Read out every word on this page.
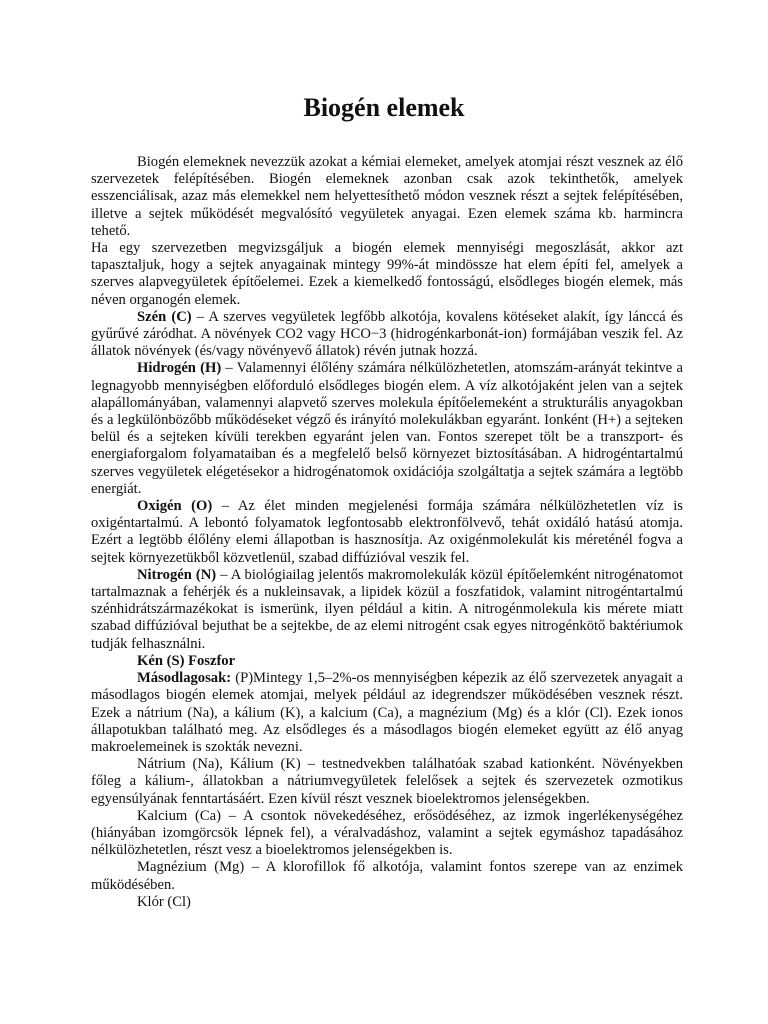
Biogén elemek

Biogén elemeknek nevezzük azokat a kémiai elemeket, amelyek atomjai részt vesznek az élő szervezetek felépítésében. Biogén elemeknek azonban csak azok tekinthetők, amelyek esszenciálisak, azaz más elemekkel nem helyettesíthető módon vesznek részt a sejtek felépítésében, illetve a sejtek működését megvalósító vegyületek anyagai. Ezen elemek száma kb. harmincra tehető.

Ha egy szervezetben megvizsgáljuk a biogén elemek mennyiségi megoszlását, akkor azt tapasztaljuk, hogy a sejtek anyagainak mintegy 99%-át mindössze hat elem építi fel, amelyek a szerves alapvegyületek építőelemei. Ezek a kiemelkedő fontosságú, elsődleges biogén elemek, más néven organogén elemek.

Szén (C) – A szerves vegyületek legfőbb alkotója, kovalens kötéseket alakít, így lánccá és gyűrűvé záródhat. A növények CO2 vagy HCO−3 (hidrogénkarbonát-ion) formájában veszik fel. Az állatok növények (és/vagy növényevő állatok) révén jutnak hozzá.

Hidrogén (H) – Valamennyi élőlény számára nélkülözhetetlen, atomszám-arányát tekintve a legnagyobb mennyiségben előforduló elsődleges biogén elem. A víz alkotójaként jelen van a sejtek alapállományában, valamennyi alapvető szerves molekula építőelemeként a strukturális anyagokban és a legkülönbözőbb működéseket végző és irányító molekulákban egyaránt. Ionként (H+) a sejteken belül és a sejteken kívüli terekben egyaránt jelen van. Fontos szerepet tölt be a transzport- és energiaforgalom folyamataiban és a megfelelő belső környezet biztosításában. A hidrogéntartalmú szerves vegyületek elégetésekor a hidrogénatomok oxidációja szolgáltatja a sejtek számára a legtöbb energiát.

Oxigén (O) – Az élet minden megjelenési formája számára nélkülözhetetlen víz is oxigéntartalmú. A lebontó folyamatok legfontosabb elektronfölvevő, tehát oxidáló hatású atomja. Ezért a legtöbb élőlény elemi állapotban is hasznosítja. Az oxigénmolekulát kis méreténél fogva a sejtek környezetükből közvetlenül, szabad diffúzióval veszik fel.

Nitrogén (N) – A biológiailag jelentős makromolekulák közül építőelemként nitrogénatomot tartalmaznak a fehérjék és a nukleinsavak, a lipidek közül a foszfatidok, valamint nitrogéntartalmú szénhidrátszármazékokat is ismerünk, ilyen például a kitin. A nitrogénmolekula kis mérete miatt szabad diffúzióval bejuthat be a sejtekbe, de az elemi nitrogént csak egyes nitrogénkötő baktériumok tudják felhasználni.

Kén (S) Foszfor

Másodlagosak: (P)Mintegy 1,5–2%-os mennyiségben képezik az élő szervezetek anyagait a másodlagos biogén elemek atomjai, melyek például az idegrendszer működésében vesznek részt. Ezek a nátrium (Na), a kálium (K), a kalcium (Ca), a magnézium (Mg) és a klór (Cl). Ezek ionos állapotukban található meg. Az elsődleges és a másodlagos biogén elemeket együtt az élő anyag makroelemeinek is szokták nevezni.

Nátrium (Na), Kálium (K) – testnedvekben találhatóak szabad kationként. Növényekben főleg a kálium-, állatokban a nátriumvegyületek felelősek a sejtek és szervezetek ozmotikus egyensúlyának fenntartásáért. Ezen kívül részt vesznek bioelektromos jelenségekben.

Kalcium (Ca) – A csontok növekedéséhez, erősödéséhez, az izmok ingerlékenységéhez (hiányában izomgörcsök lépnek fel), a véralvadáshoz, valamint a sejtek egymáshoz tapadásához nélkülözhetetlen, részt vesz a bioelektromos jelenségekben is.

Magnézium (Mg) – A klorofillok fő alkotója, valamint fontos szerepe van az enzimek működésében.

Klór (Cl)
